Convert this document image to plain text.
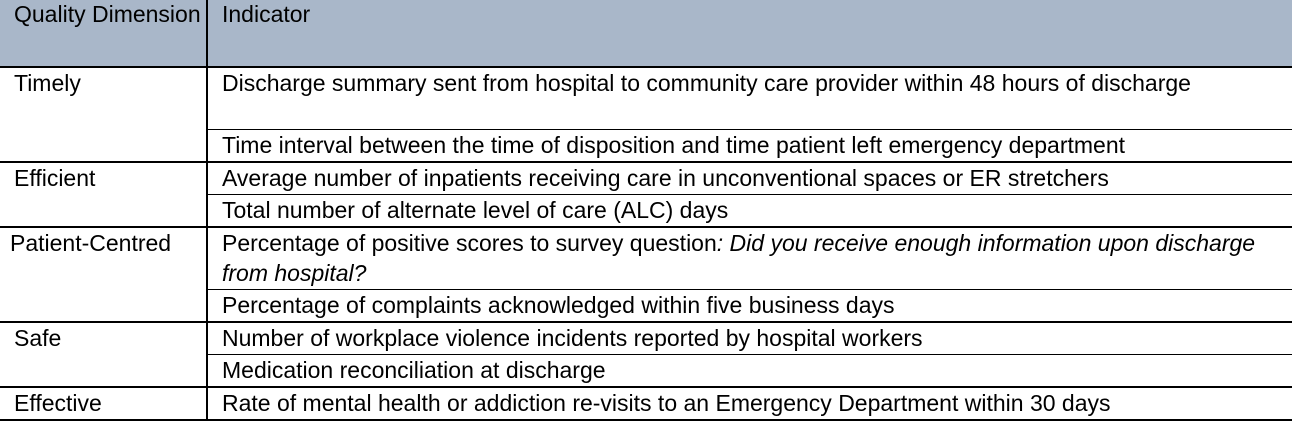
Quality Dimension	Indicator
Timely	Discharge summary sent from hospital to community care provider within 48 hours of discharge
	Time interval between the time of disposition and time patient left emergency department
Efficient	Average number of inpatients receiving care in unconventional spaces or ER stretchers
	Total number of alternate level of care (ALC) days
Patient-Centred	Percentage of positive scores to survey question: Did you receive enough information upon discharge from hospital?
	Percentage of complaints acknowledged within five business days
Safe	Number of workplace violence incidents reported by hospital workers
	Medication reconciliation at discharge
Effective	Rate of mental health or addiction re-visits to an Emergency Department within 30 days
